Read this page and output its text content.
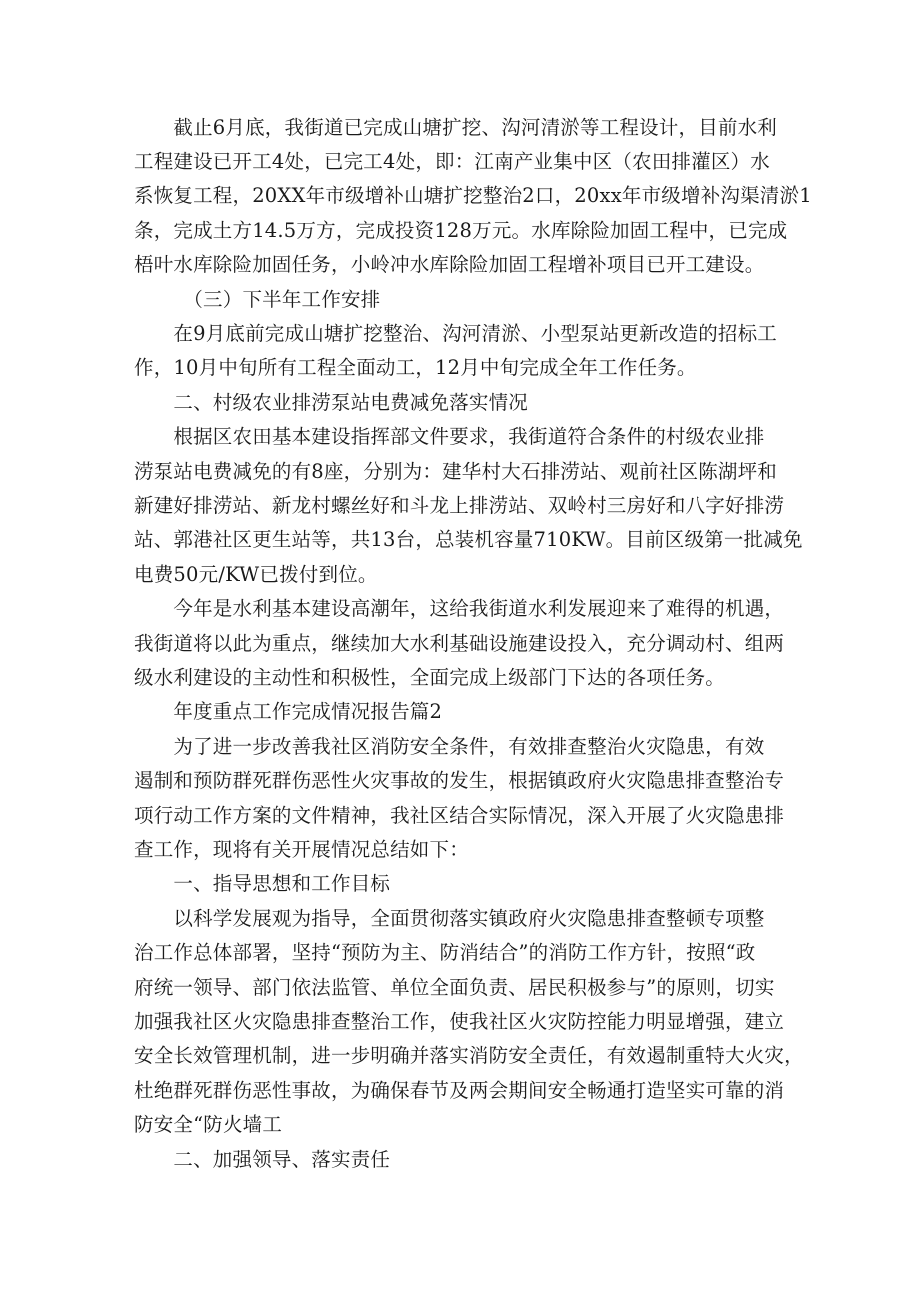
　　截止6月底，我街道已完成山塘扩挖、沟河清淤等工程设计，目前水利
工程建设已开工4处，已完工4处，即：江南产业集中区（农田排灌区）水
系恢复工程，20XX年市级增补山塘扩挖整治2口，20xx年市级增补沟渠清淤1
条，完成土方14.5万方，完成投资128万元。水库除险加固工程中，已完成
梧叶水库除险加固任务，小岭冲水库除险加固工程增补项目已开工建设。
　　　（三）下半年工作安排
　　在9月底前完成山塘扩挖整治、沟河清淤、小型泵站更新改造的招标工
作，10月中旬所有工程全面动工，12月中旬完成全年工作任务。
　　二、村级农业排涝泵站电费减免落实情况
　　根据区农田基本建设指挥部文件要求，我街道符合条件的村级农业排
涝泵站电费减免的有8座，分别为：建华村大石排涝站、观前社区陈湖坪和
新建好排涝站、新龙村螺丝好和斗龙上排涝站、双岭村三房好和八字好排涝
站、郭港社区更生站等，共13台，总装机容量710KW。目前区级第一批减免
电费50元/KW已拨付到位。
　　今年是水利基本建设高潮年，这给我街道水利发展迎来了难得的机遇，
我街道将以此为重点，继续加大水利基础设施建设投入，充分调动村、组两
级水利建设的主动性和积极性，全面完成上级部门下达的各项任务。
　　年度重点工作完成情况报告篇2
　　为了进一步改善我社区消防安全条件，有效排查整治火灾隐患，有效
遏制和预防群死群伤恶性火灾事故的发生，根据镇政府火灾隐患排查整治专
项行动工作方案的文件精神，我社区结合实际情况，深入开展了火灾隐患排
查工作，现将有关开展情况总结如下：
　　一、指导思想和工作目标
　　以科学发展观为指导，全面贯彻落实镇政府火灾隐患排查整顿专项整
治工作总体部署，坚持“预防为主、防消结合”的消防工作方针，按照“政
府统一领导、部门依法监管、单位全面负责、居民积极参与”的原则，切实
加强我社区火灾隐患排查整治工作，使我社区火灾防控能力明显增强，建立
安全长效管理机制，进一步明确并落实消防安全责任，有效遏制重特大火灾，
杜绝群死群伤恶性事故，为确保春节及两会期间安全畅通打造坚实可靠的消
防安全“防火墙工
　　二、加强领导、落实责任
